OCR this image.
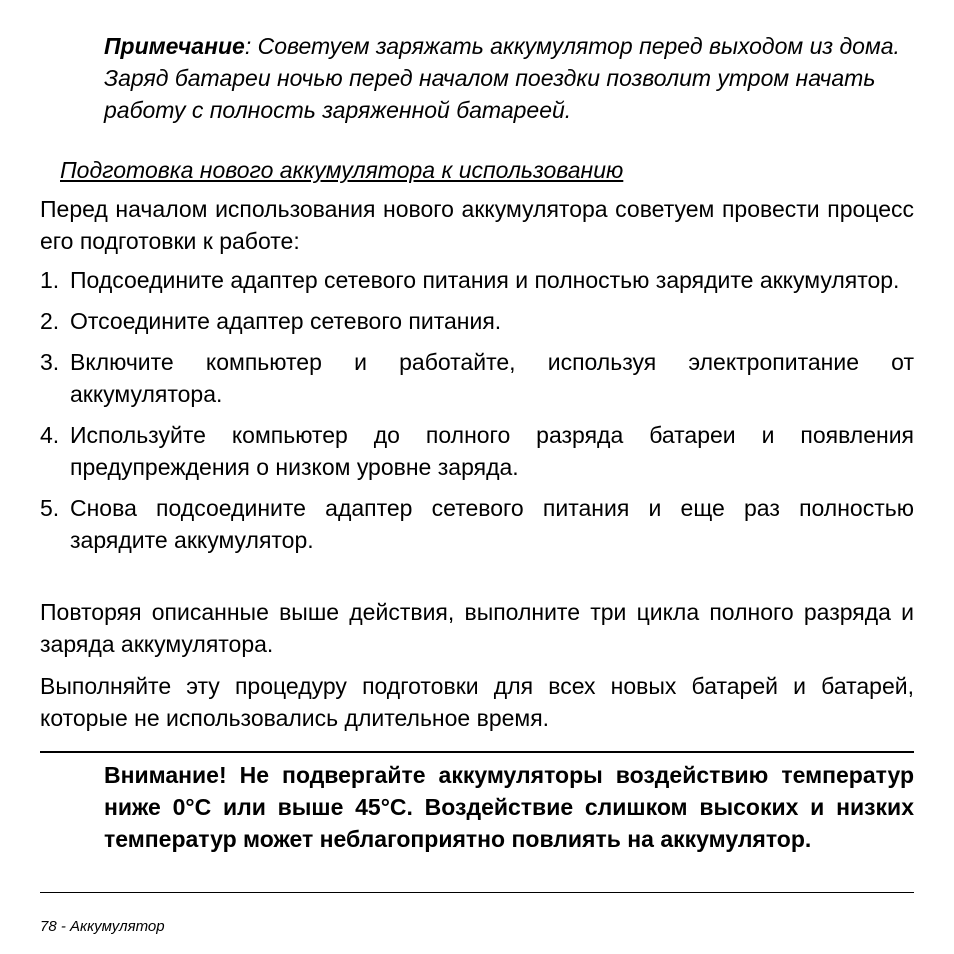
Примечание: Советуем заряжать аккумулятор перед выходом из дома. Заряд батареи ночью перед началом поездки позволит утром начать работу с полность заряженной батареей.
Подготовка нового аккумулятора к использованию
Перед началом использования нового аккумулятора советуем провести процесс его подготовки к работе:
1. Подсоедините адаптер сетевого питания и полностью зарядите аккумулятор.
2. Отсоедините адаптер сетевого питания.
3. Включите компьютер и работайте, используя электропитание от аккумулятора.
4. Используйте компьютер до полного разряда батареи и появления предупреждения о низком уровне заряда.
5. Снова подсоедините адаптер сетевого питания и еще раз полностью зарядите аккумулятор.
Повторяя описанные выше действия, выполните три цикла полного разряда и заряда аккумулятора.
Выполняйте эту процедуру подготовки для всех новых батарей и батарей, которые не использовались длительное время.
Внимание! Не подвергайте аккумуляторы воздействию температур ниже 0°C или выше 45°C. Воздействие слишком высоких и низких температур может неблагоприятно повлиять на аккумулятор.
78 - Аккумулятор
